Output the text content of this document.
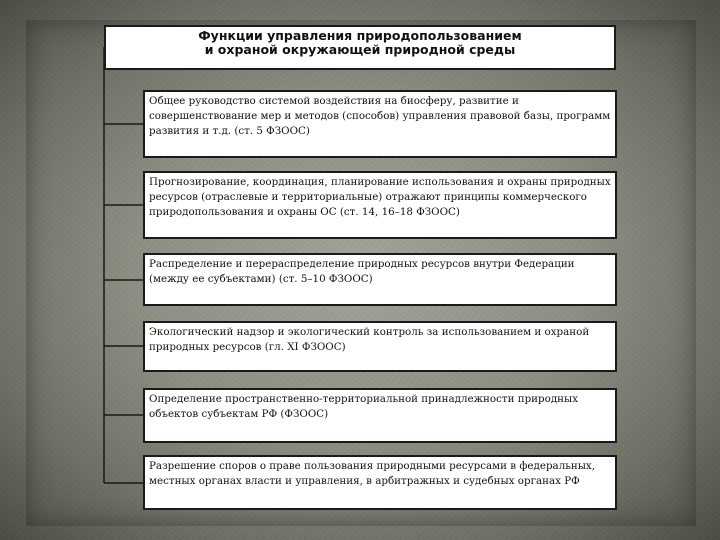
Функции управления природопользованием
и охраной окружающей природной среды
Общее руководство системой воздействия на биосферу, развитие и совершенствование мер и методов (способов) управления правовой базы, программ развития и т.д. (ст. 5 ФЗООС)
Прогнозирование, координация, планирование использования и охраны природных ресурсов (отраслевые и территориальные) отражают принципы коммерческого природопользования и охраны ОС (ст. 14, 16–18 ФЗООС)
Распределение и перераспределение природных ресурсов внутри Федерации (между ее субъектами) (ст. 5–10 ФЗООС)
Экологический надзор и экологический контроль за использованием и охраной природных ресурсов (гл. XI ФЗООС)
Определение пространственно-территориальной принадлежности природных объектов субъектам РФ (ФЗООС)
Разрешение споров о праве пользования природными ресурсами в федеральных, местных органах власти и управления, в арбитражных и судебных органах РФ
